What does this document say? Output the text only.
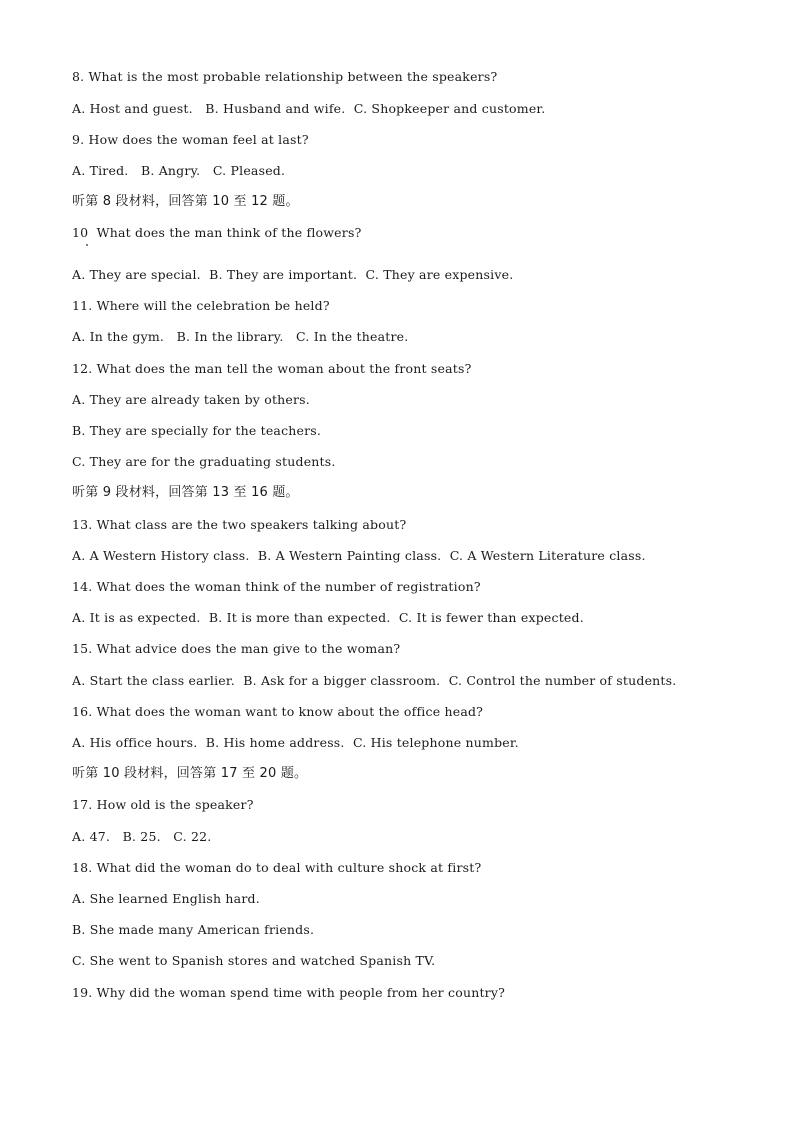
8. What is the most probable relationship between the speakers?
A. Host and guest.   B. Husband and wife.  C. Shopkeeper and customer.
9. How does the woman feel at last?
A. Tired.   B. Angry.   C. Pleased.
听第 8 段材料，回答第 10 至 12 题。
10  What does the man think of the flowers?
A. They are special.  B. They are important.  C. They are expensive.
11. Where will the celebration be held?
A. In the gym.   B. In the library.   C. In the theatre.
12. What does the man tell the woman about the front seats?
A. They are already taken by others.
B. They are specially for the teachers.
C. They are for the graduating students.
听第 9 段材料，回答第 13 至 16 题。
13. What class are the two speakers talking about?
A. A Western History class.  B. A Western Painting class.  C. A Western Literature class.
14. What does the woman think of the number of registration?
A. It is as expected.  B. It is more than expected.  C. It is fewer than expected.
15. What advice does the man give to the woman?
A. Start the class earlier.  B. Ask for a bigger classroom.  C. Control the number of students.
16. What does the woman want to know about the office head?
A. His office hours.  B. His home address.  C. His telephone number.
听第 10 段材料，回答第 17 至 20 题。
17. How old is the speaker?
A. 47.   B. 25.   C. 22.
18. What did the woman do to deal with culture shock at first?
A. She learned English hard.
B. She made many American friends.
C. She went to Spanish stores and watched Spanish TV.
19. Why did the woman spend time with people from her country?
